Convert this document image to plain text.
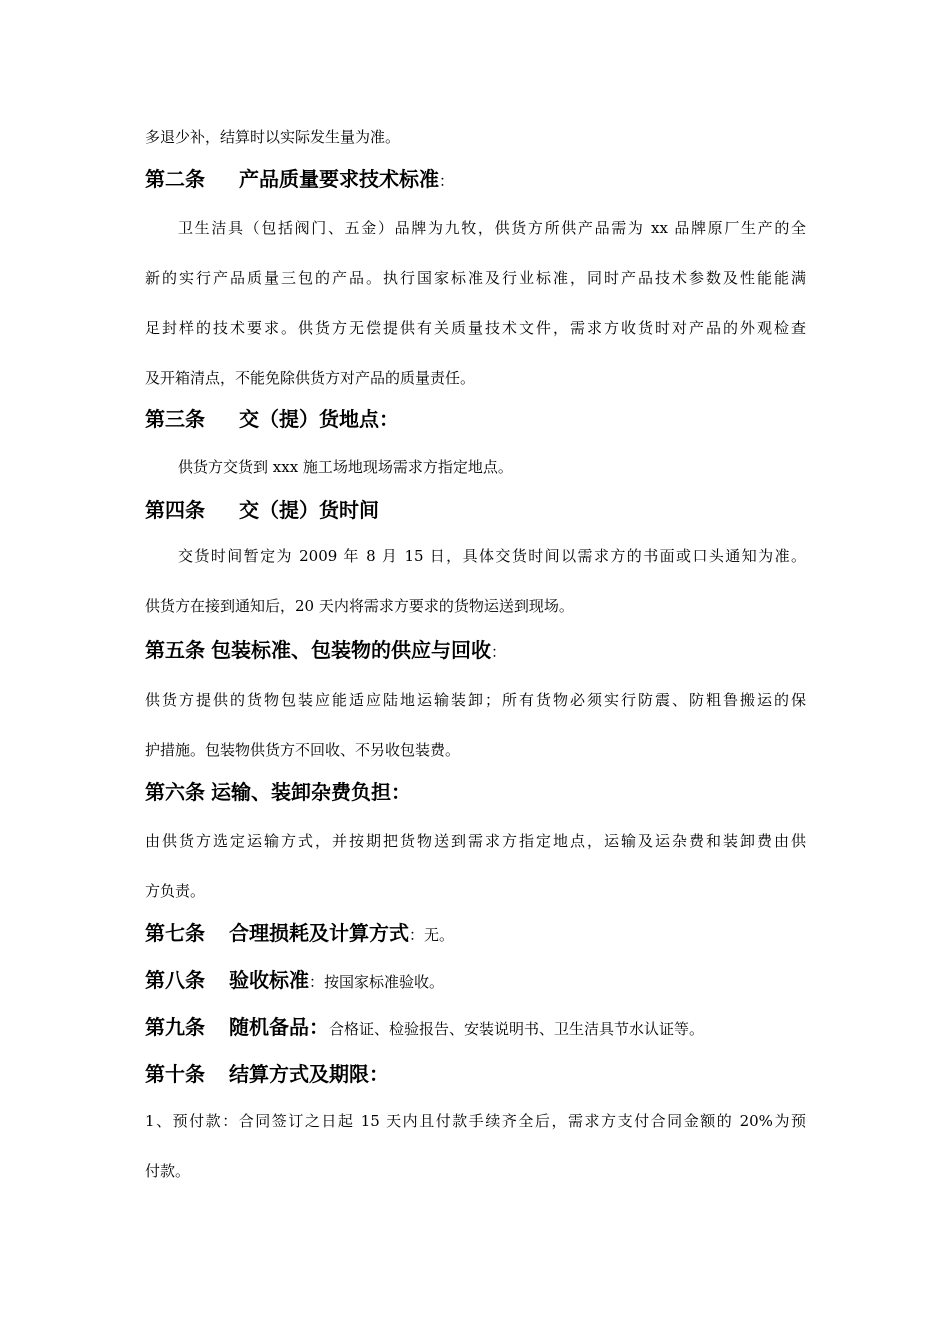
多退少补，结算时以实际发生量为准。
第二条 产品质量要求技术标准：
卫生洁具（包括阀门、五金）品牌为九牧，供货方所供产品需为 xx 品牌原厂生产的全
新的实行产品质量三包的产品。执行国家标准及行业标准，同时产品技术参数及性能能满
足封样的技术要求。供货方无偿提供有关质量技术文件，需求方收货时对产品的外观检查
及开箱清点，不能免除供货方对产品的质量责任。
第三条 交（提）货地点：
供货方交货到 xxx 施工场地现场需求方指定地点。
第四条 交（提）货时间
交货时间暂定为 2009 年 8 月 15 日，具体交货时间以需求方的书面或口头通知为准。
供货方在接到通知后，20 天内将需求方要求的货物运送到现场。
第五条 包装标准、包装物的供应与回收：
供货方提供的货物包装应能适应陆地运输装卸；所有货物必须实行防震、防粗鲁搬运的保
护措施。包装物供货方不回收、不另收包装费。
第六条 运输、装卸杂费负担：
由供货方选定运输方式，并按期把货物送到需求方指定地点，运输及运杂费和装卸费由供
方负责。
第七条 合理损耗及计算方式：无。
第八条 验收标准：按国家标准验收。
第九条 随机备品：合格证、检验报告、安装说明书、卫生洁具节水认证等。
第十条 结算方式及期限：
1、预付款：合同签订之日起 15 天内且付款手续齐全后，需求方支付合同金额的 20%为预
付款。
